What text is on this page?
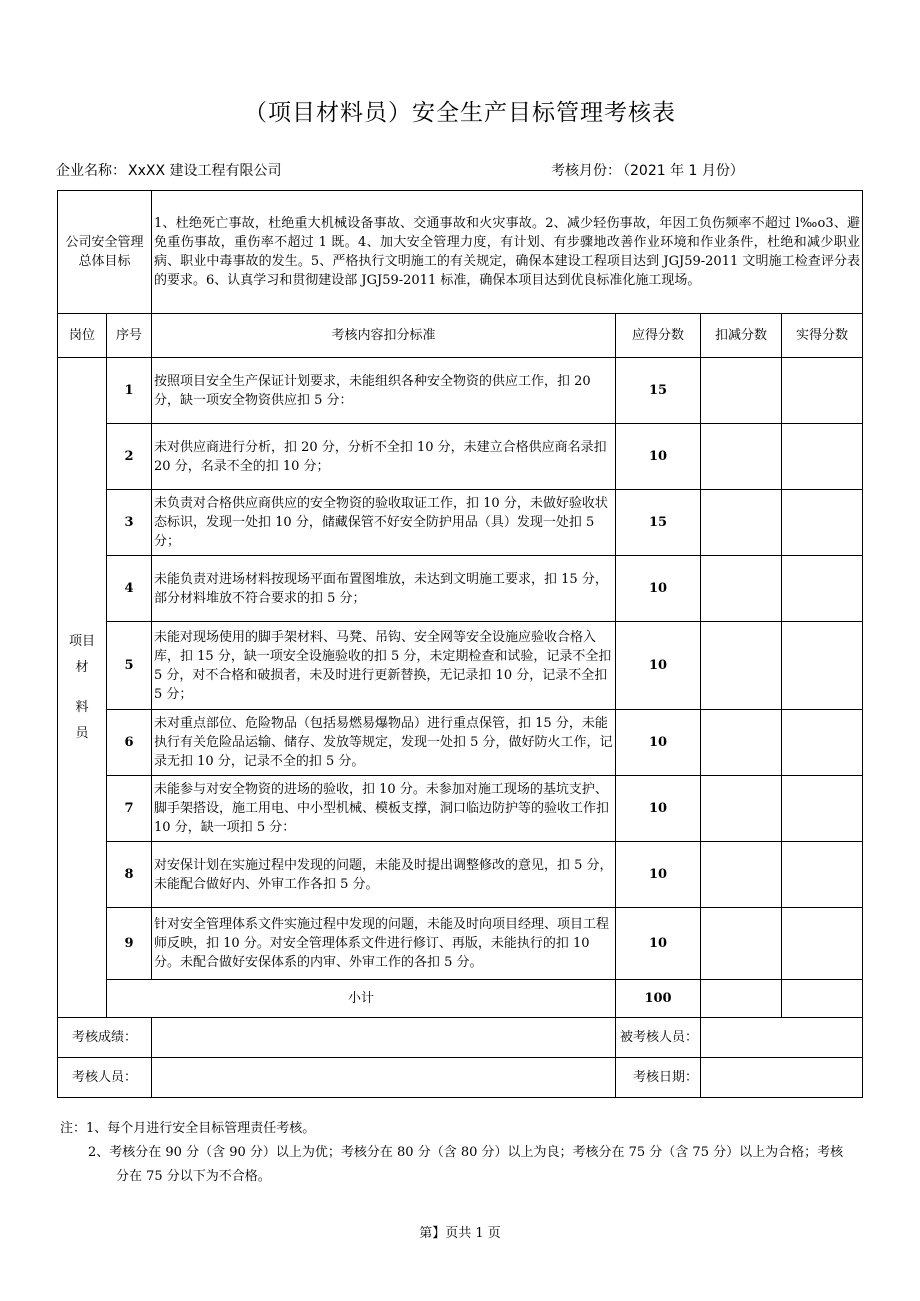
（项目材料员）安全生产目标管理考核表
企业名称： XxXX 建设工程有限公司	考核月份： （2021 年 1 月份）
公司安全管理总体目标		1、杜绝死亡事故，杜绝重大机械设备事故、交通事故和火灾事故。2、减少轻伤事故，年因工负伤频率不超过 l‰o3、避免重伤事故，重伤率不超过 1 既。4、加大安全管理力度，有计划、有步骤地改善作业环境和作业条件，杜绝和减少职业病、职业中毒事故的发生。5、严格执行文明施工的有关规定，确保本建设工程项目达到 JGJ59-2011 文明施工检查评分表的要求。6、认真学习和贯彻建设部 JGJ59-2011 标准，确保本项目达到优良标准化施工现场。			
岗位	序号	考核内容扣分标准	应得分数	扣减分数	实得分数

项目
材
料
员	1	按照项目安全生产保证计划要求，未能组织各种安全物资的供应工作，扣 20 分，缺一项安全物资供应扣 5 分：	15		
	2	未对供应商进行分析，扣 20 分，分析不全扣 10 分，未建立合格供应商名录扣 20 分，名录不全的扣 10 分；	10		
	3	未负责对合格供应商供应的安全物资的验收取证工作，扣 10 分，未做好验收状态标识，发现一处扣 10 分，储藏保管不好安全防护用品（具）发现一处扣 5 分；	15		
	4	未能负责对进场材料按现场平面布置图堆放，未达到文明施工要求，扣 15 分，部分材料堆放不符合要求的扣 5 分；	10		
	5	未能对现场使用的脚手架材料、马凳、吊钩、安全网等安全设施应验收合格入库，扣 15 分，缺一项安全设施验收的扣 5 分，未定期检查和试验，记录不全扣 5 分，对不合格和破损者，未及时进行更新替换，无记录扣 10 分，记录不全扣 5 分；	10		
	6	未对重点部位、危险物品（包括易燃易爆物品）进行重点保管，扣 15 分，未能执行有关危险品运输、储存、发放等规定，发现一处扣 5 分，做好防火工作，记录无扣 10 分，记录不全的扣 5 分。	10		
	7	未能参与对安全物资的进场的验收，扣 10 分。未参加对施工现场的基坑支护、脚手架搭设，施工用电、中小型机械、模板支撑，洞口临边防护等的验收工作扣 10 分，缺一项扣 5 分：	10		
	8	对安保计划在实施过程中发现的问题，未能及时提出调整修改的意见，扣 5 分，未能配合做好内、外审工作各扣 5 分。	10		
	9	针对安全管理体系文件实施过程中发现的问题，未能及时向项目经理、项目工程师反映，扣 10 分。对安全管理体系文件进行修订、再版，未能执行的扣 10 分。未配合做好安保体系的内审、外审工作的各扣 5 分。	10		
	小计		100		
考核成绩：			被考核人员：		
考核人员：			考核日期：		
注：1、每个月进行安全目标管理责任考核。
2、考核分在 90 分（含 90 分）以上为优；考核分在 80 分（含 80 分）以上为良；考核分在 75 分（含 75 分）以上为合格；考核
分在 75 分以下为不合格。
第】页共 1 页
